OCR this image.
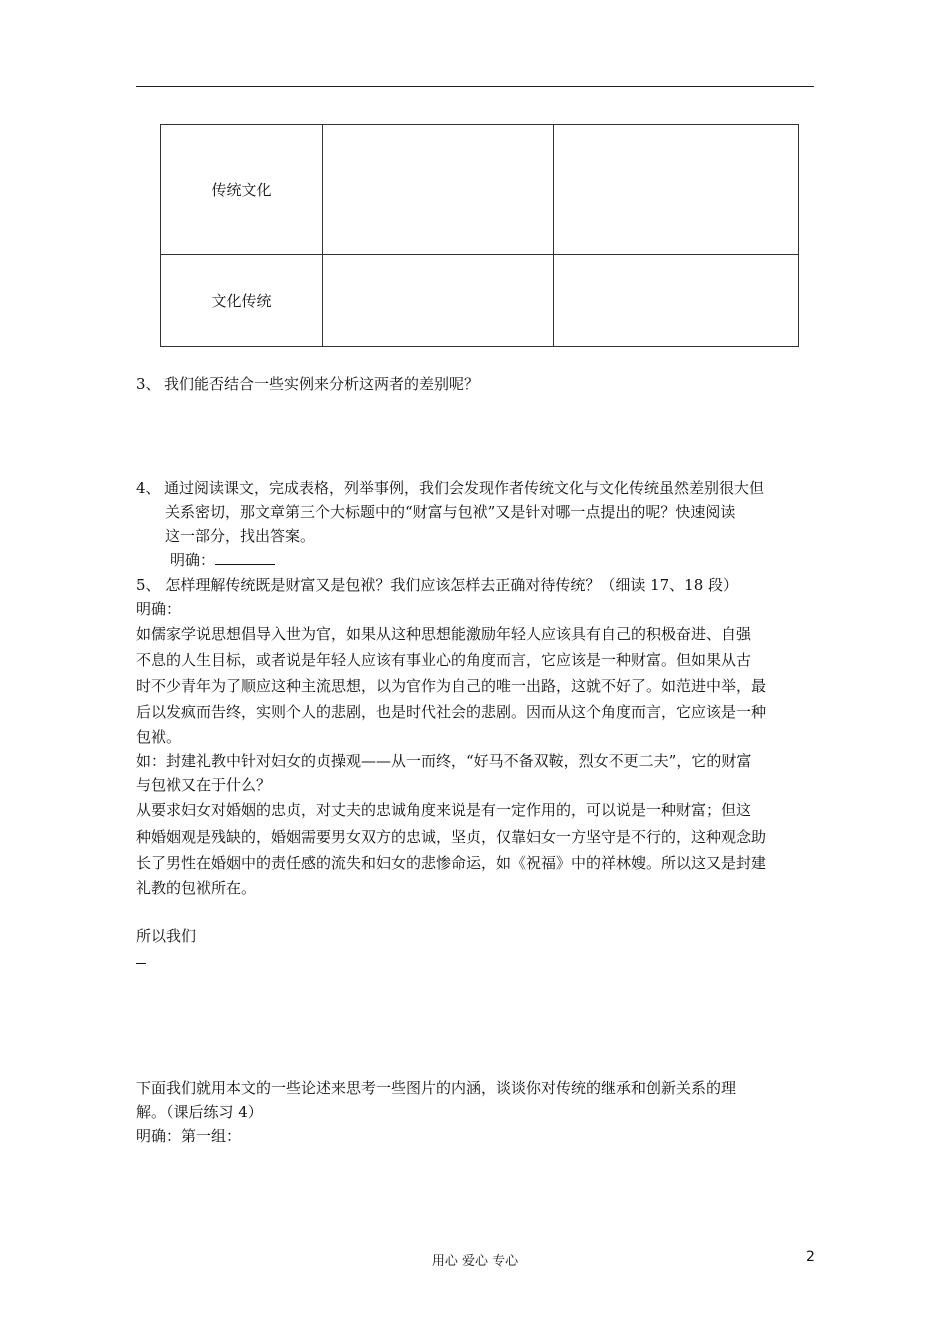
传统文化		
文化传统		
3、 我们能否结合一些实例来分析这两者的差别呢？
4、 通过阅读课文，完成表格，列举事例，我们会发现作者传统文化与文化传统虽然差别很大但
关系密切，那文章第三个大标题中的“财富与包袱”又是针对哪一点提出的呢？快速阅读
这一部分，找出答案。
明确：
5、 怎样理解传统既是财富又是包袱？我们应该怎样去正确对待传统？（细读 17、18 段）
明确：
如儒家学说思想倡导入世为官，如果从这种思想能激励年轻人应该具有自己的积极奋进、自强
不息的人生目标，或者说是年轻人应该有事业心的角度而言，它应该是一种财富。但如果从古
时不少青年为了顺应这种主流思想，以为官作为自己的唯一出路，这就不好了。如范进中举，最
后以发疯而告终，实则个人的悲剧，也是时代社会的悲剧。因而从这个角度而言，它应该是一种
包袱。
如：封建礼教中针对妇女的贞操观——从一而终，“好马不备双鞍，烈女不更二夫”，它的财富
与包袱又在于什么？
从要求妇女对婚姻的忠贞，对丈夫的忠诚角度来说是有一定作用的，可以说是一种财富；但这
种婚姻观是残缺的，婚姻需要男女双方的忠诚，坚贞，仅靠妇女一方坚守是不行的，这种观念助
长了男性在婚姻中的责任感的流失和妇女的悲惨命运，如《祝福》中的祥林嫂。所以这又是封建
礼教的包袱所在。
所以我们
下面我们就用本文的一些论述来思考一些图片的内涵，谈谈你对传统的继承和创新关系的理
解。（课后练习 4）
明确：第一组：
用心 爱心 专心	2
